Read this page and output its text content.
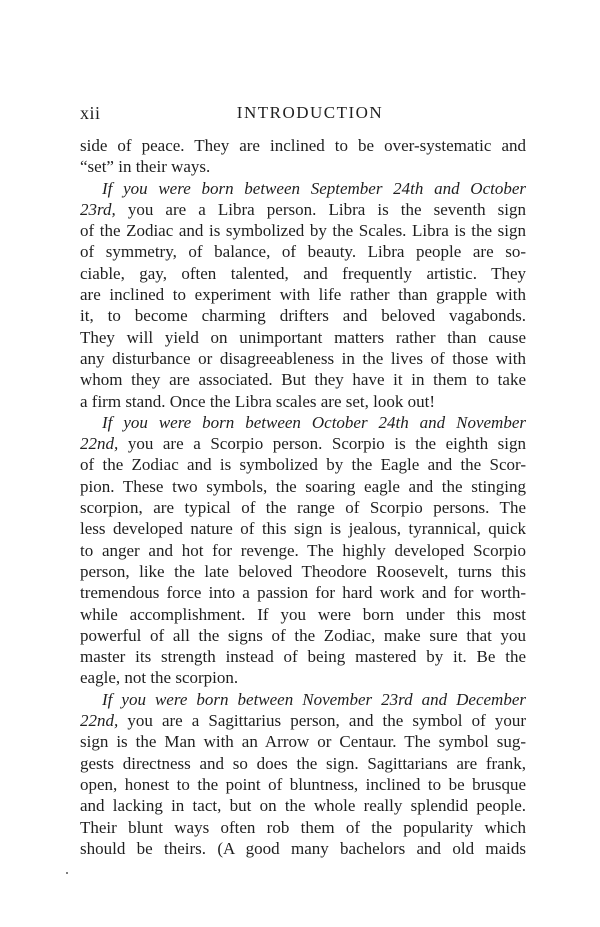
xii	INTRODUCTION
side of peace. They are inclined to be over-systematic and
“set” in their ways.
If you were born between September 24th and October
23rd, you are a Libra person. Libra is the seventh sign
of the Zodiac and is symbolized by the Scales. Libra is the sign
of symmetry, of balance, of beauty. Libra people are so-
ciable, gay, often talented, and frequently artistic. They
are inclined to experiment with life rather than grapple with
it, to become charming drifters and beloved vagabonds.
They will yield on unimportant matters rather than cause
any disturbance or disagreeableness in the lives of those with
whom they are associated. But they have it in them to take
a firm stand. Once the Libra scales are set, look out!
If you were born between October 24th and November
22nd, you are a Scorpio person. Scorpio is the eighth sign
of the Zodiac and is symbolized by the Eagle and the Scor-
pion. These two symbols, the soaring eagle and the stinging
scorpion, are typical of the range of Scorpio persons. The
less developed nature of this sign is jealous, tyrannical, quick
to anger and hot for revenge. The highly developed Scorpio
person, like the late beloved Theodore Roosevelt, turns this
tremendous force into a passion for hard work and for worth-
while accomplishment. If you were born under this most
powerful of all the signs of the Zodiac, make sure that you
master its strength instead of being mastered by it. Be the
eagle, not the scorpion.
If you were born between November 23rd and December
22nd, you are a Sagittarius person, and the symbol of your
sign is the Man with an Arrow or Centaur. The symbol sug-
gests directness and so does the sign. Sagittarians are frank,
open, honest to the point of bluntness, inclined to be brusque
and lacking in tact, but on the whole really splendid people.
Their blunt ways often rob them of the popularity which
should be theirs. (A good many bachelors and old maids
